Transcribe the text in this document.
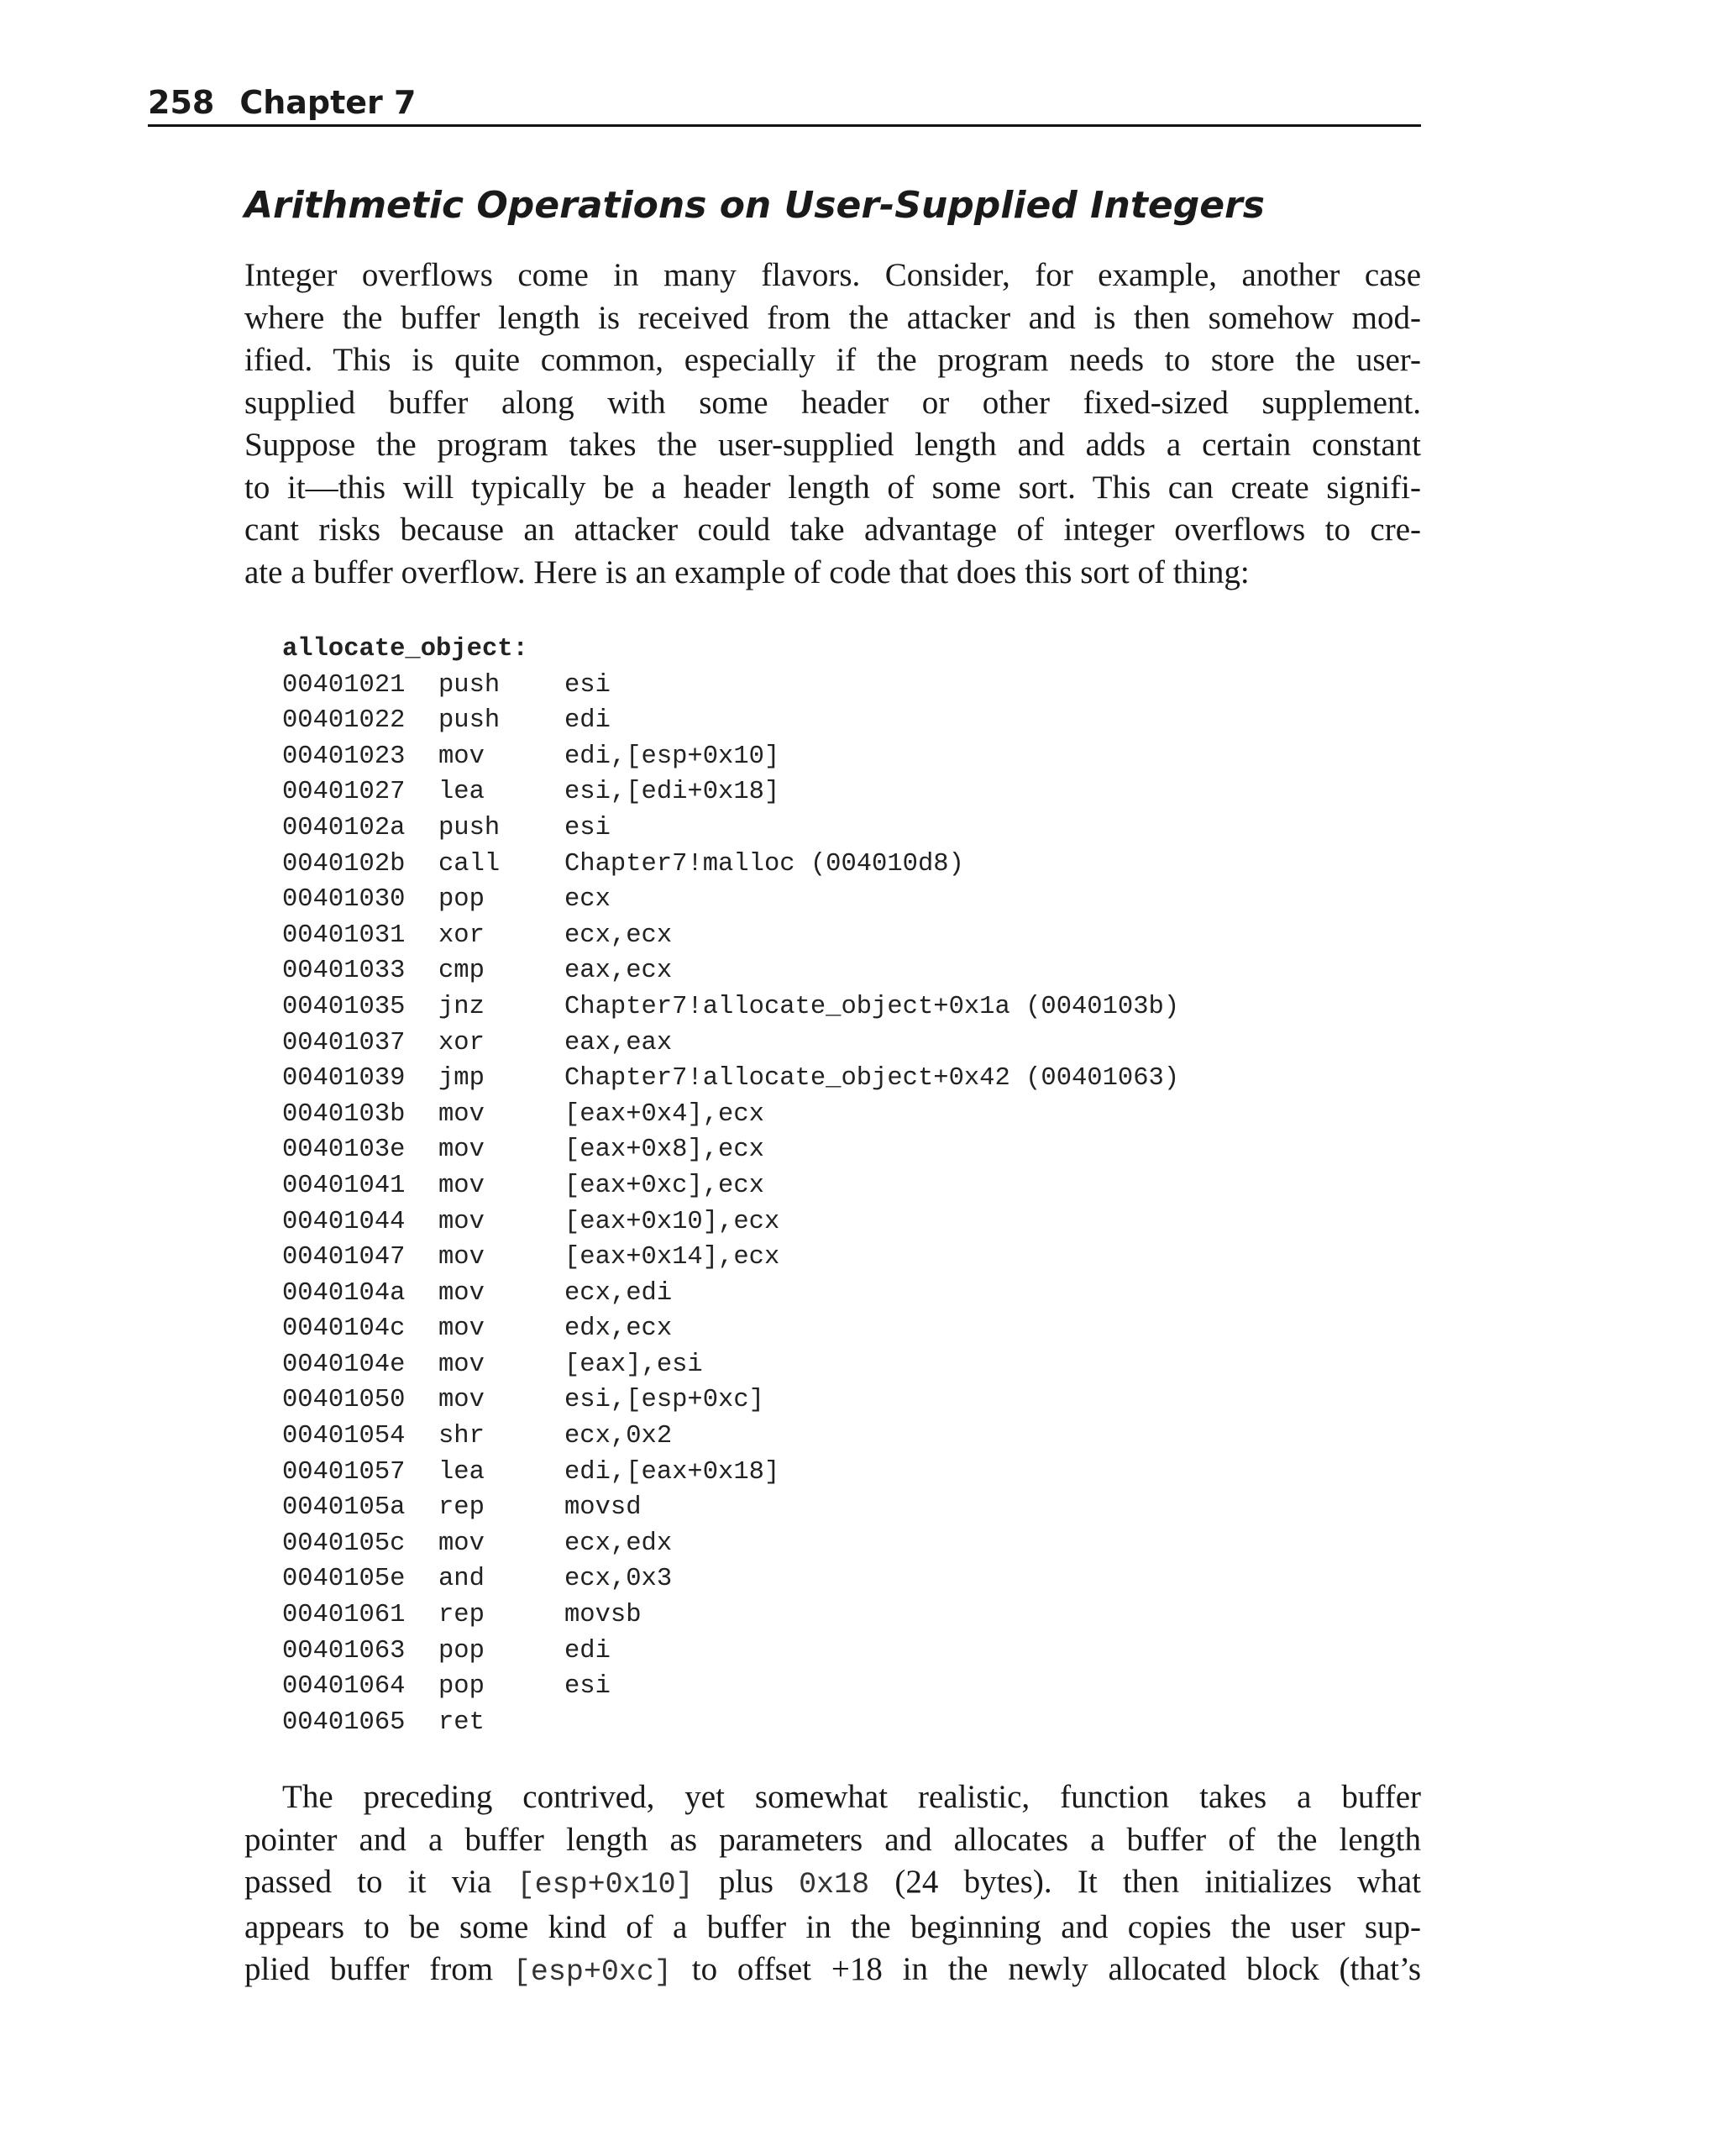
258 Chapter 7
Arithmetic Operations on User-Supplied Integers

Integer overflows come in many flavors. Consider, for example, another case
where the buffer length is received from the attacker and is then somehow mod-
ified. This is quite common, especially if the program needs to store the user-
supplied buffer along with some header or other fixed-sized supplement.
Suppose the program takes the user-supplied length and adds a certain constant
to it—this will typically be a header length of some sort. This can create signifi-
cant risks because an attacker could take advantage of integer overflows to cre-
ate a buffer overflow. Here is an example of code that does this sort of thing:

allocate_object:
00401021 push	esi
00401022 push	edi
00401023 mov	edi,[esp+0x10]
00401027 lea	esi,[edi+0x18]
0040102a push	esi
0040102b call	Chapter7!malloc (004010d8)
00401030 pop	ecx
00401031 xor	ecx,ecx
00401033 cmp	eax,ecx
00401035 jnz	Chapter7!allocate_object+0x1a (0040103b)
00401037 xor	eax,eax
00401039 jmp	Chapter7!allocate_object+0x42 (00401063)
0040103b mov	[eax+0x4],ecx
0040103e mov	[eax+0x8],ecx
00401041 mov	[eax+0xc],ecx
00401044 mov	[eax+0x10],ecx
00401047 mov	[eax+0x14],ecx
0040104a mov	ecx,edi
0040104c mov	edx,ecx
0040104e mov	[eax],esi
00401050 mov	esi,[esp+0xc]
00401054 shr	ecx,0x2
00401057 lea	edi,[eax+0x18]
0040105a rep	movsd
0040105c mov	ecx,edx
0040105e and	ecx,0x3
00401061 rep	movsb
00401063 pop	edi
00401064 pop	esi
00401065 ret

The preceding contrived, yet somewhat realistic, function takes a buffer
pointer and a buffer length as parameters and allocates a buffer of the length
passed to it via [esp+0x10] plus 0x18 (24 bytes). It then initializes what
appears to be some kind of a buffer in the beginning and copies the user sup-
plied buffer from [esp+0xc] to offset +18 in the newly allocated block (that’s
